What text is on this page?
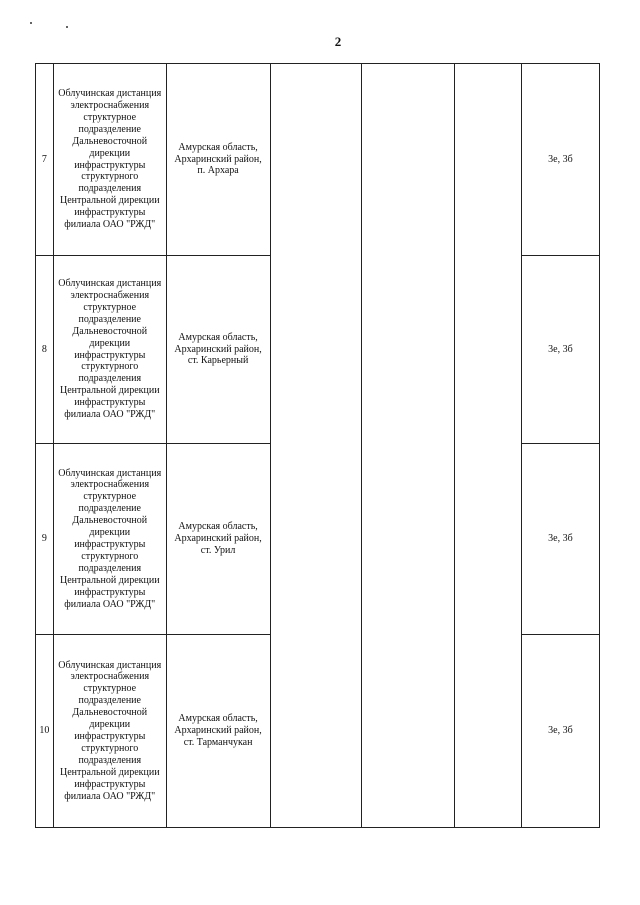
2
7	Облучинская дистанция электроснабжения структурное подразделение Дальневосточной дирекции инфраструктуры структурного подразделения Центральной дирекции инфраструктуры филиала ОАО "РЖД"	Амурская область, Архаринский район, п. Архара				3е, 3б
8	Облучинская дистанция электроснабжения структурное подразделение Дальневосточной дирекции инфраструктуры структурного подразделения Центральной дирекции инфраструктуры филиала ОАО "РЖД"	Амурская область, Архаринский район, ст. Карьерный				3е, 3б
9	Облучинская дистанция электроснабжения структурное подразделение Дальневосточной дирекции инфраструктуры структурного подразделения Центральной дирекции инфраструктуры филиала ОАО "РЖД"	Амурская область, Архаринский район, ст. Урил				3е, 3б
10	Облучинская дистанция электроснабжения структурное подразделение Дальневосточной дирекции инфраструктуры структурного подразделения Центральной дирекции инфраструктуры филиала ОАО "РЖД"	Амурская область, Архаринский район, ст. Тарманчукан				3е, 3б
